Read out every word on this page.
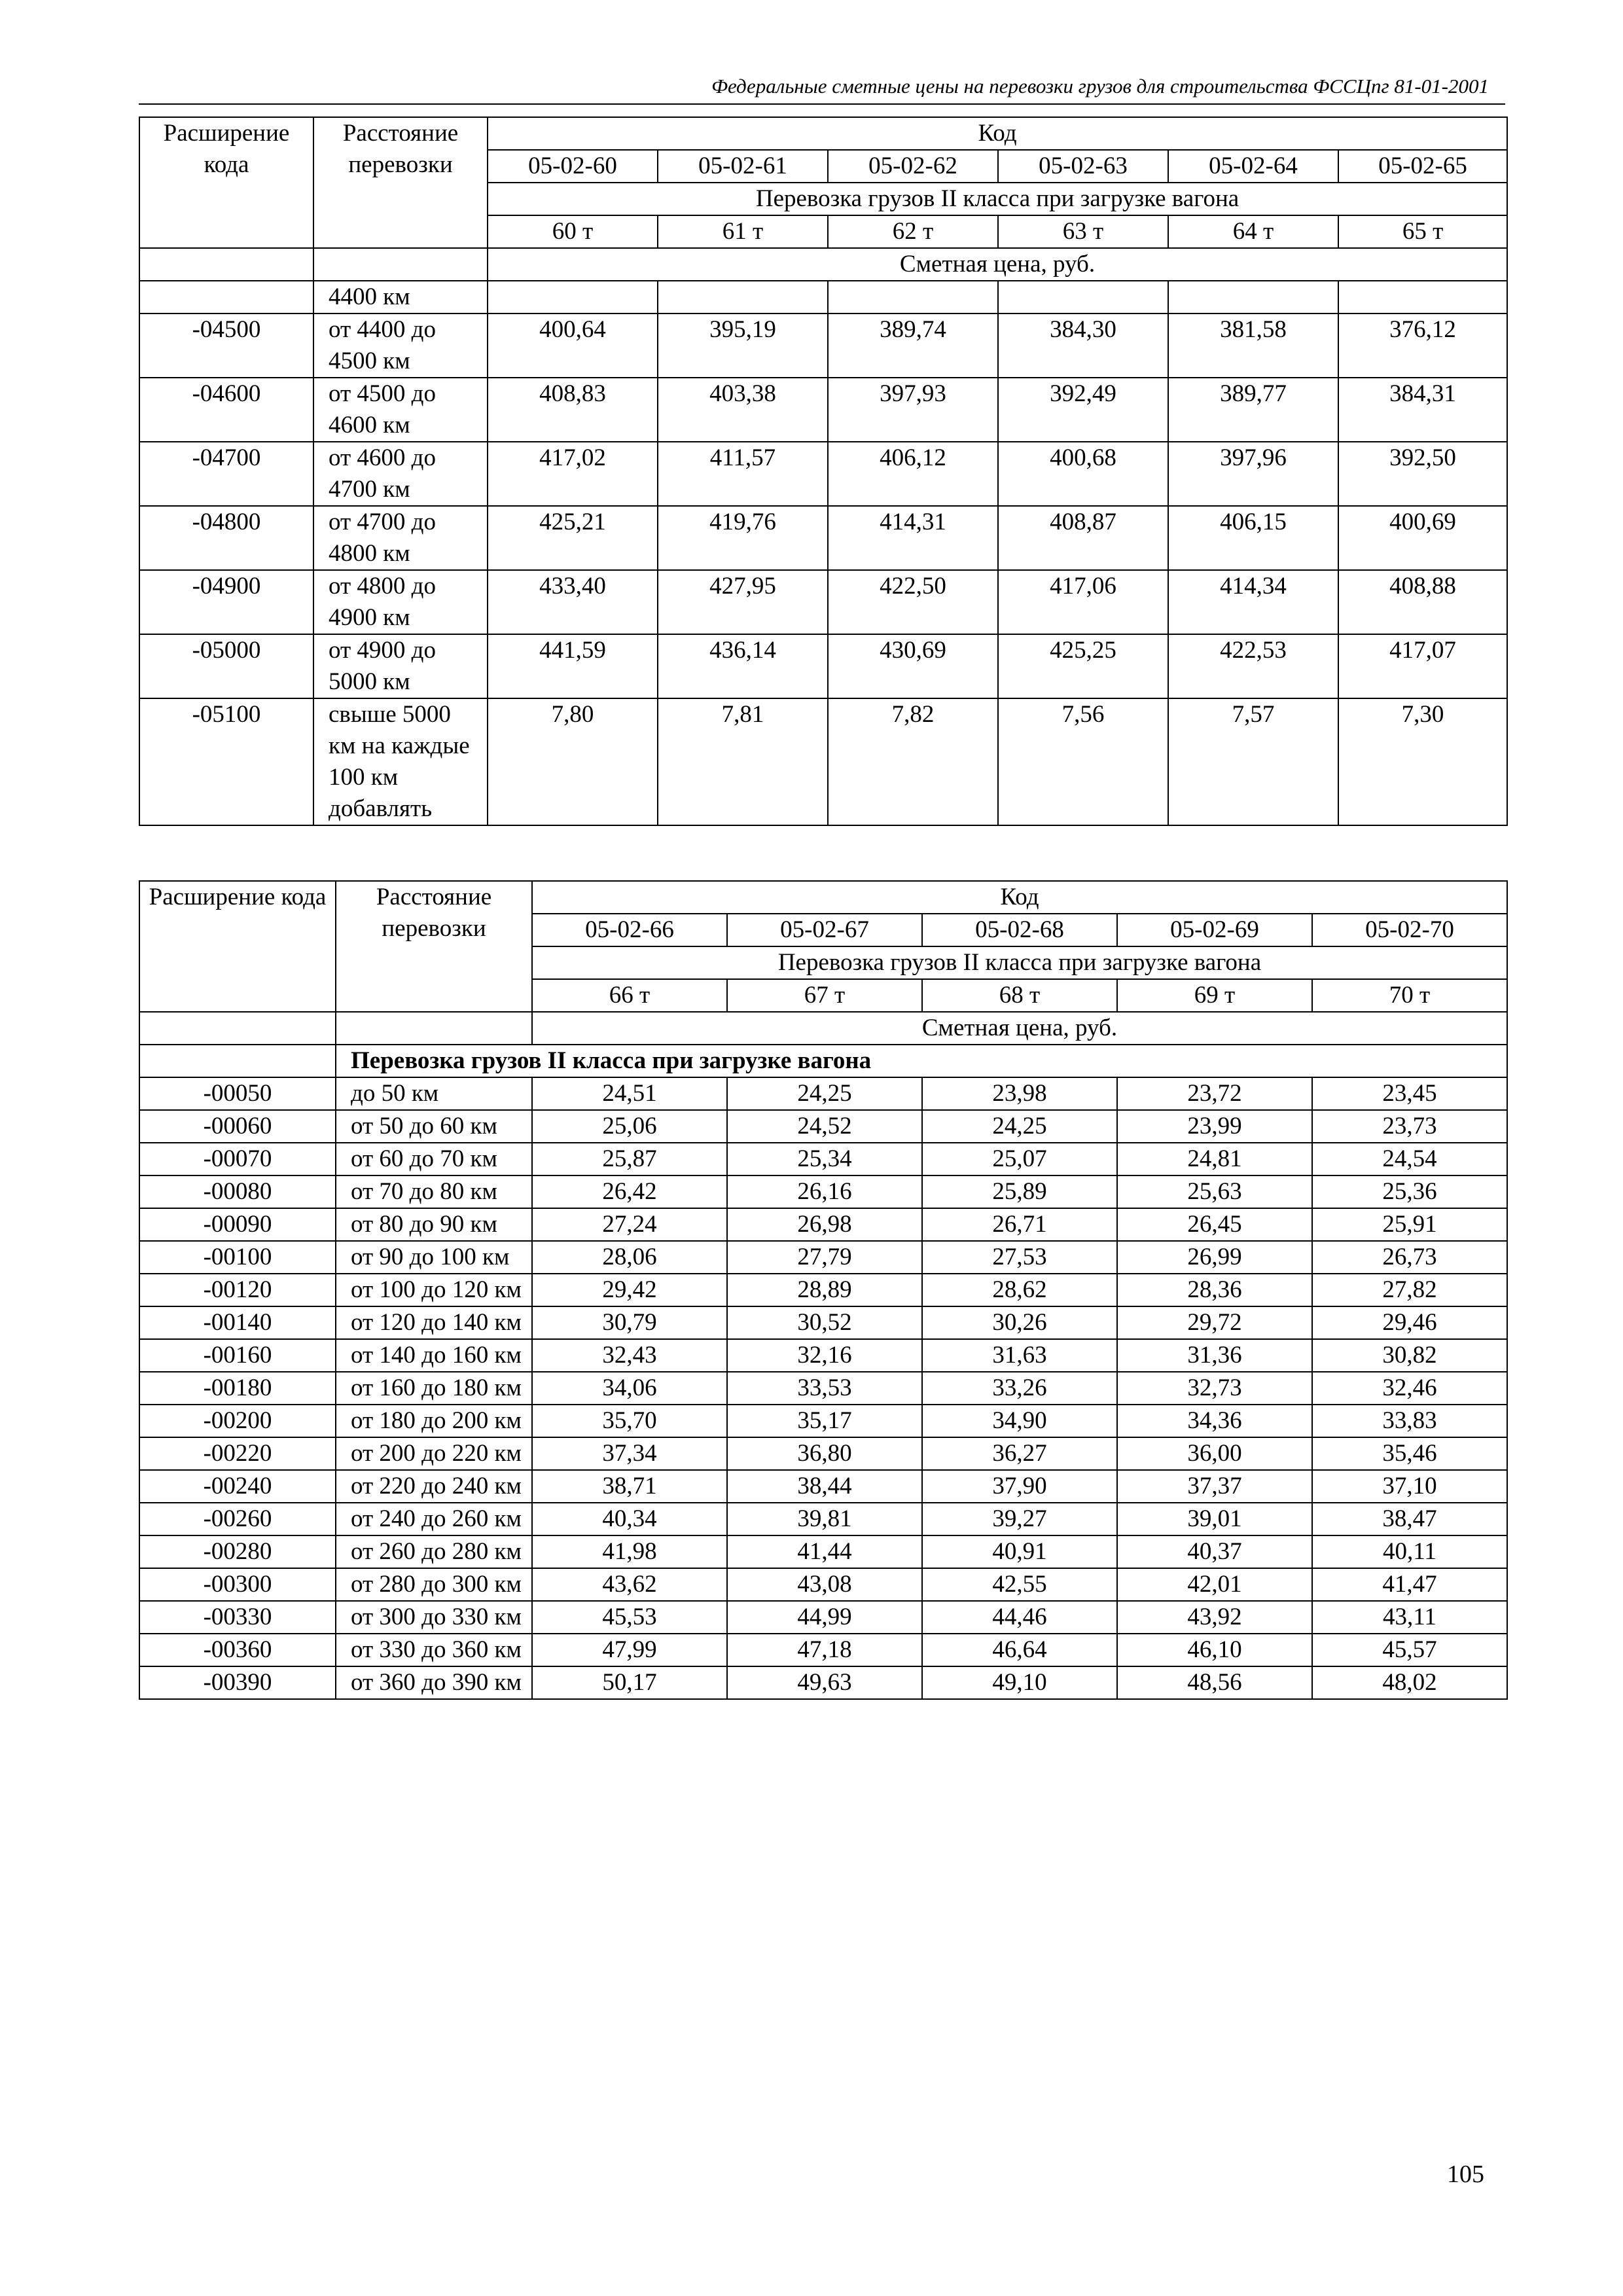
Федеральные сметные цены на перевозки грузов для строительства ФССЦпг 81-01-2001
Расширение кода	Расстояние перевозки	Код					
		05-02-60	05-02-61	05-02-62	05-02-63	05-02-64	05-02-65
		Перевозка грузов II класса при загрузке вагона					
		60 т	61 т	62 т	63 т	64 т	65 т
		Сметная цена, руб.					
	4400 км						
-04500	от 4400 до 4500 км	400,64	395,19	389,74	384,30	381,58	376,12
-04600	от 4500 до 4600 км	408,83	403,38	397,93	392,49	389,77	384,31
-04700	от 4600 до 4700 км	417,02	411,57	406,12	400,68	397,96	392,50
-04800	от 4700 до 4800 км	425,21	419,76	414,31	408,87	406,15	400,69
-04900	от 4800 до 4900 км	433,40	427,95	422,50	417,06	414,34	408,88
-05000	от 4900 до 5000 км	441,59	436,14	430,69	425,25	422,53	417,07
-05100	свыше 5000 км на каждые 100 км добавлять	7,80	7,81	7,82	7,56	7,57	7,30
Расширение кода	Расстояние перевозки	Код				
		05-02-66	05-02-67	05-02-68	05-02-69	05-02-70
		Перевозка грузов II класса при загрузке вагона				
		66 т	67 т	68 т	69 т	70 т
		Сметная цена, руб.				
	Перевозка грузов II класса при загрузке вагона					
-00050	до 50 км	24,51	24,25	23,98	23,72	23,45
-00060	от 50 до 60 км	25,06	24,52	24,25	23,99	23,73
-00070	от 60 до 70 км	25,87	25,34	25,07	24,81	24,54
-00080	от 70 до 80 км	26,42	26,16	25,89	25,63	25,36
-00090	от 80 до 90 км	27,24	26,98	26,71	26,45	25,91
-00100	от 90 до 100 км	28,06	27,79	27,53	26,99	26,73
-00120	от 100 до 120 км	29,42	28,89	28,62	28,36	27,82
-00140	от 120 до 140 км	30,79	30,52	30,26	29,72	29,46
-00160	от 140 до 160 км	32,43	32,16	31,63	31,36	30,82
-00180	от 160 до 180 км	34,06	33,53	33,26	32,73	32,46
-00200	от 180 до 200 км	35,70	35,17	34,90	34,36	33,83
-00220	от 200 до 220 км	37,34	36,80	36,27	36,00	35,46
-00240	от 220 до 240 км	38,71	38,44	37,90	37,37	37,10
-00260	от 240 до 260 км	40,34	39,81	39,27	39,01	38,47
-00280	от 260 до 280 км	41,98	41,44	40,91	40,37	40,11
-00300	от 280 до 300 км	43,62	43,08	42,55	42,01	41,47
-00330	от 300 до 330 км	45,53	44,99	44,46	43,92	43,11
-00360	от 330 до 360 км	47,99	47,18	46,64	46,10	45,57
-00390	от 360 до 390 км	50,17	49,63	49,10	48,56	48,02
105
